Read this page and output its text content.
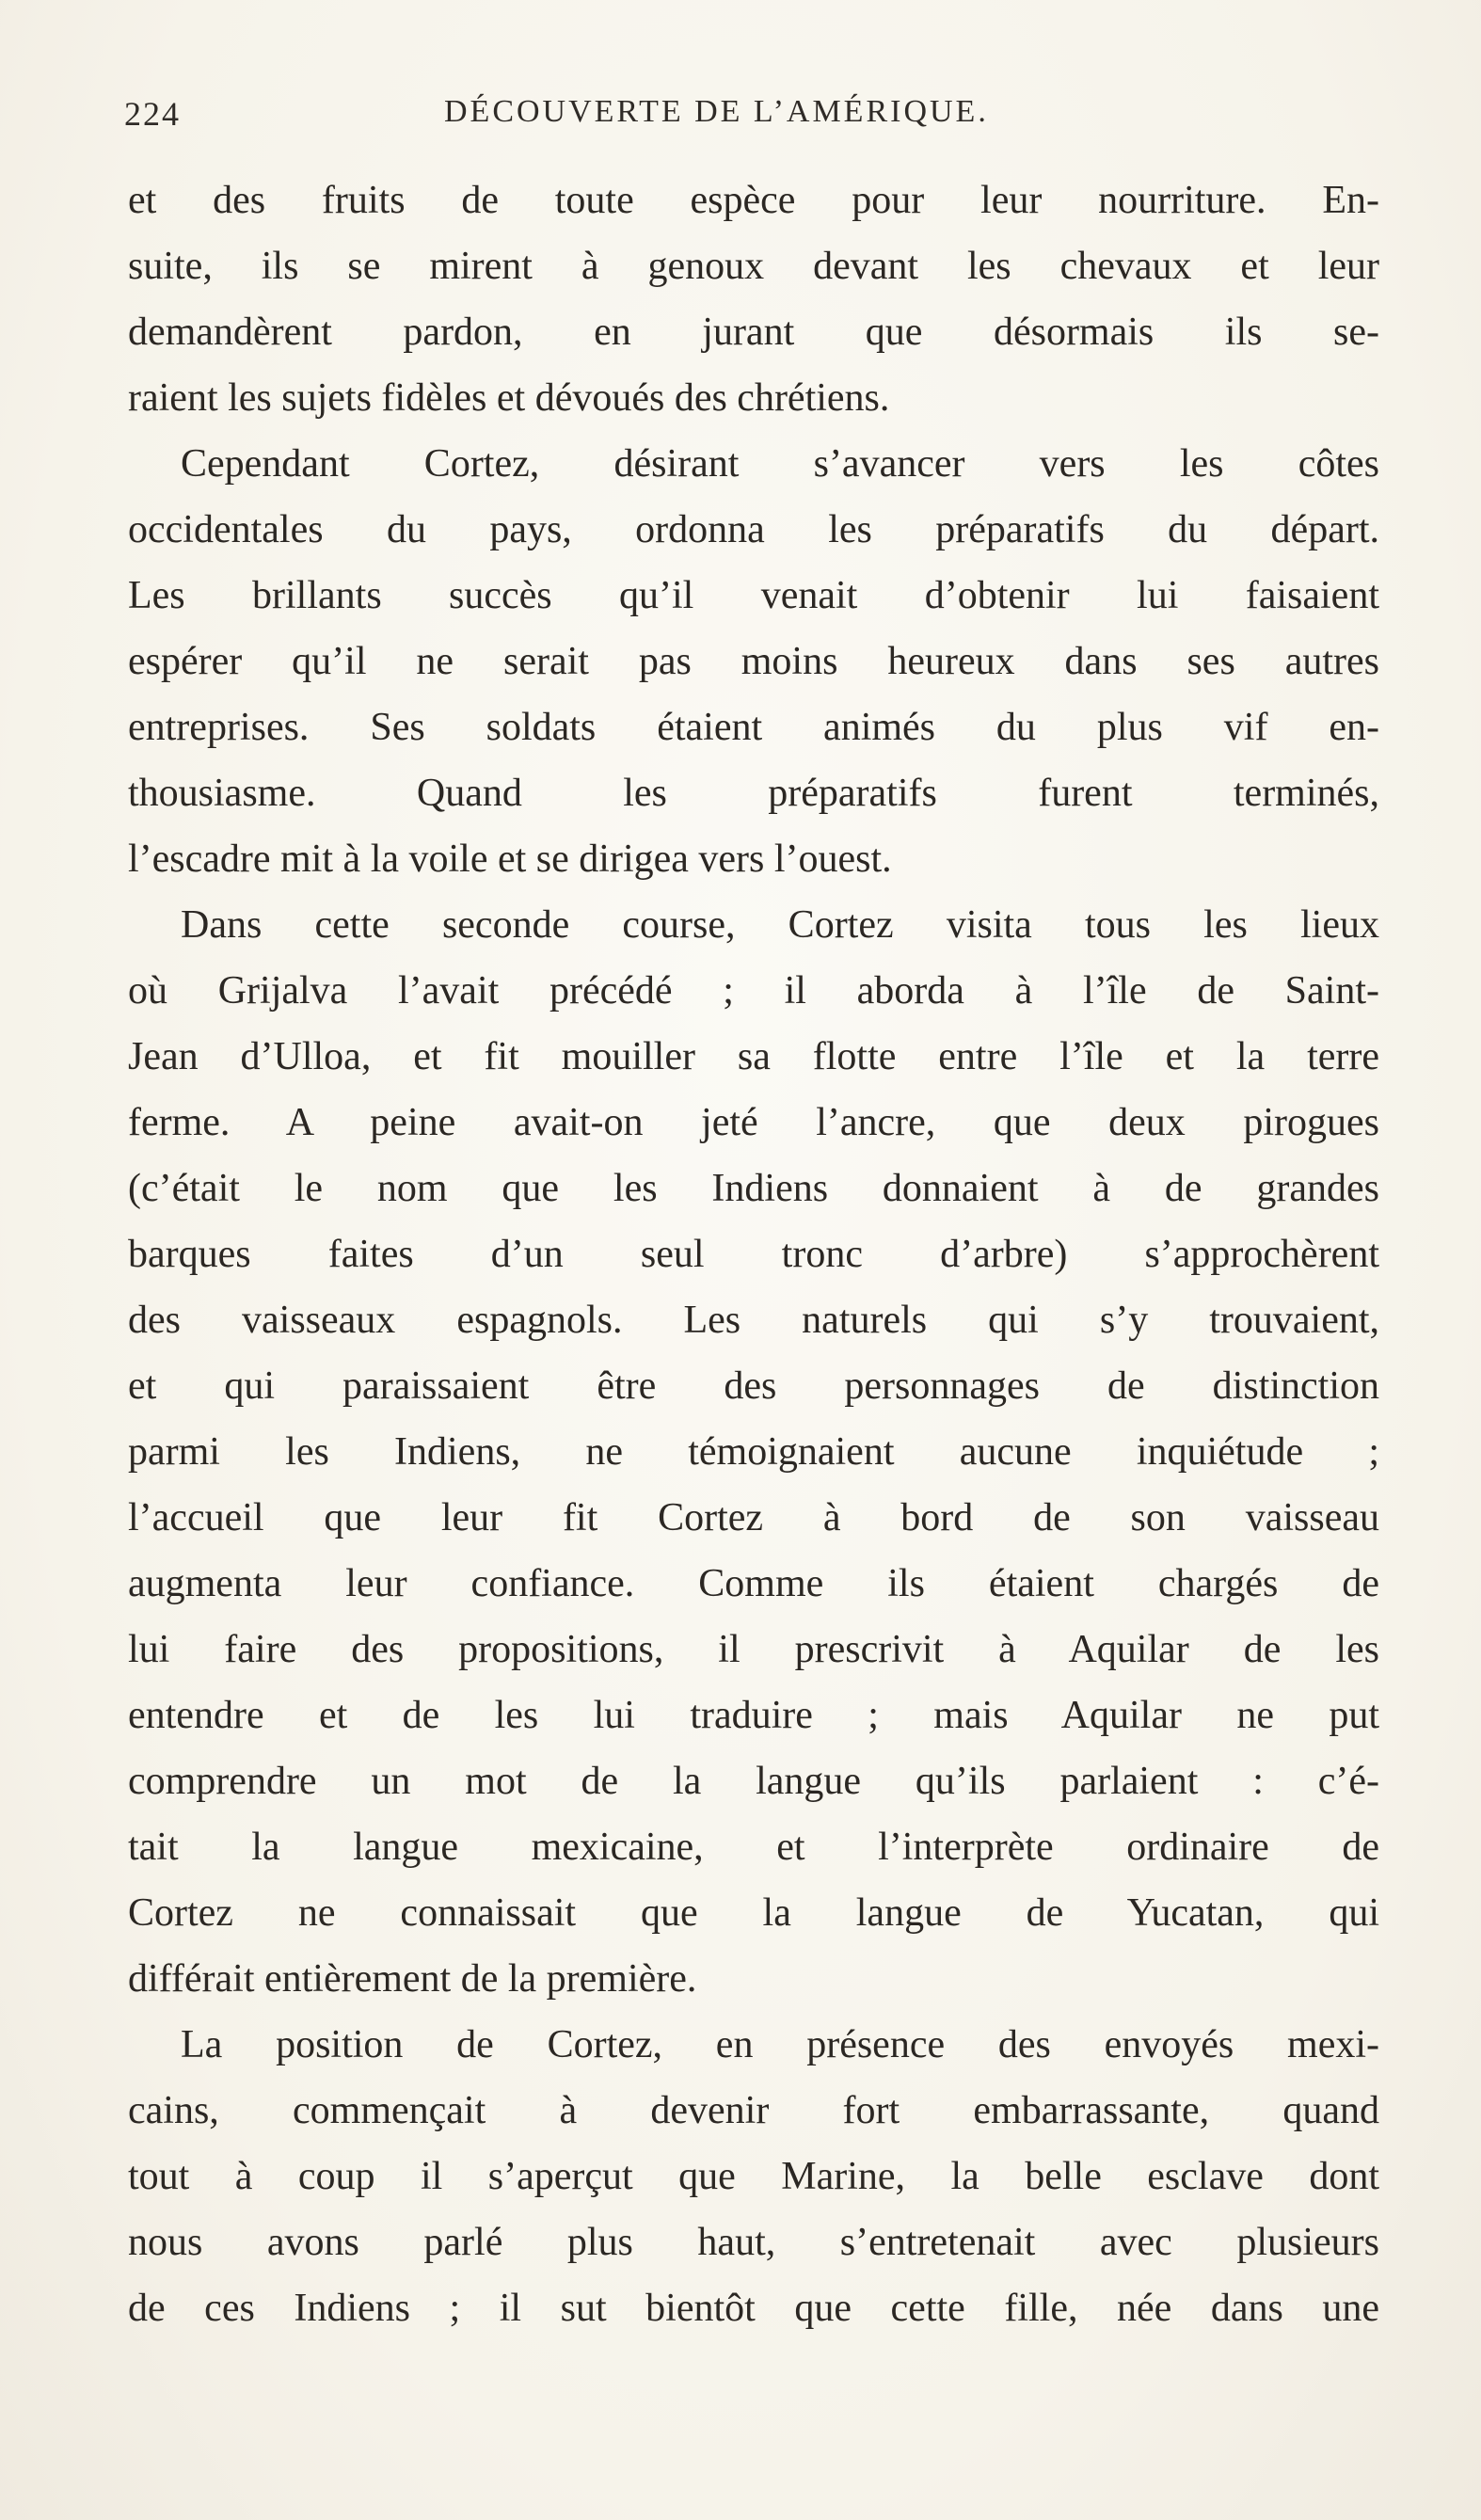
224	DÉCOUVERTE DE L’AMÉRIQUE.
et des fruits de toute espèce pour leur nourriture. En-
suite, ils se mirent à genoux devant les chevaux et leur
demandèrent pardon, en jurant que désormais ils se-
raient les sujets fidèles et dévoués des chrétiens.
Cependant Cortez, désirant s’avancer vers les côtes
occidentales du pays, ordonna les préparatifs du départ.
Les brillants succès qu’il venait d’obtenir lui faisaient
espérer qu’il ne serait pas moins heureux dans ses autres
entreprises. Ses soldats étaient animés du plus vif en-
thousiasme. Quand les préparatifs furent terminés,
l’escadre mit à la voile et se dirigea vers l’ouest.
Dans cette seconde course, Cortez visita tous les lieux
où Grijalva l’avait précédé ; il aborda à l’île de Saint-
Jean d’Ulloa, et fit mouiller sa flotte entre l’île et la terre
ferme. A peine avait-on jeté l’ancre, que deux pirogues
(c’était le nom que les Indiens donnaient à de grandes
barques faites d’un seul tronc d’arbre) s’approchèrent
des vaisseaux espagnols. Les naturels qui s’y trouvaient,
et qui paraissaient être des personnages de distinction
parmi les Indiens, ne témoignaient aucune inquiétude ;
l’accueil que leur fit Cortez à bord de son vaisseau
augmenta leur confiance. Comme ils étaient chargés de
lui faire des propositions, il prescrivit à Aquilar de les
entendre et de les lui traduire ; mais Aquilar ne put
comprendre un mot de la langue qu’ils parlaient : c’é-
tait la langue mexicaine, et l’interprète ordinaire de
Cortez ne connaissait que la langue de Yucatan, qui
différait entièrement de la première.
La position de Cortez, en présence des envoyés mexi-
cains, commençait à devenir fort embarrassante, quand
tout à coup il s’aperçut que Marine, la belle esclave dont
nous avons parlé plus haut, s’entretenait avec plusieurs
de ces Indiens ; il sut bientôt que cette fille, née dans une
